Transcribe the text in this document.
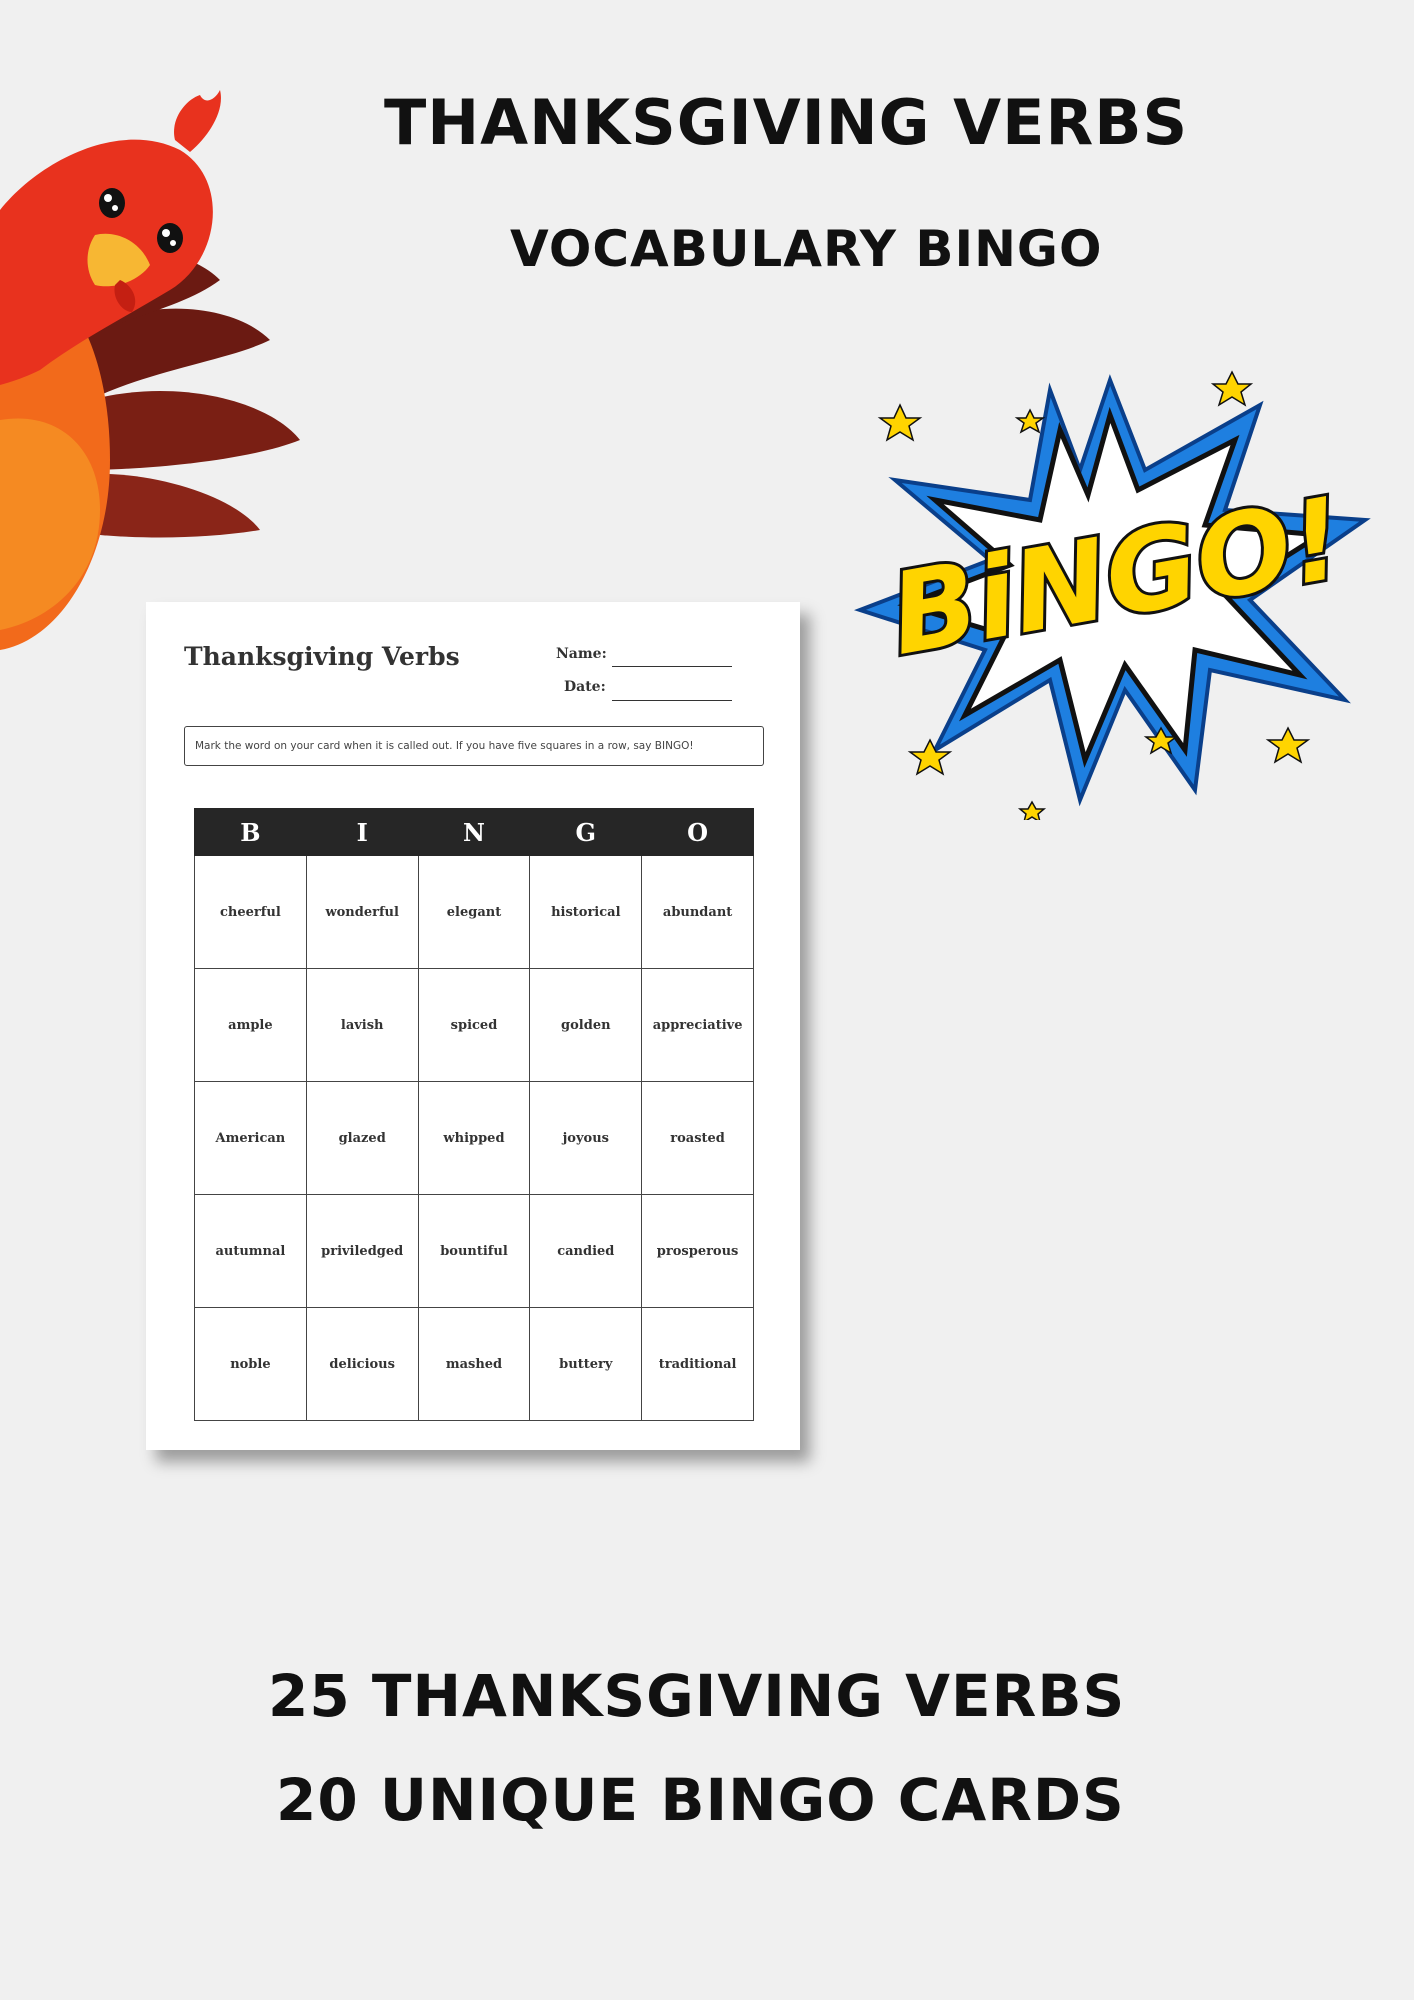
THANKSGIVING VERBS
VOCABULARY BINGO
BiNGO!
Thanksgiving Verbs	Name:
Date:
Mark the word on your card when it is called out. If you have five squares in a row, say BINGO!
B	I	N	G	O
cheerful	wonderful	elegant	historical	abundant
ample	lavish	spiced	golden	appreciative
American	glazed	whipped	joyous	roasted
autumnal	priviledged	bountiful	candied	prosperous
noble	delicious	mashed	buttery	traditional
25 THANKSGIVING VERBS
20 UNIQUE BINGO CARDS
